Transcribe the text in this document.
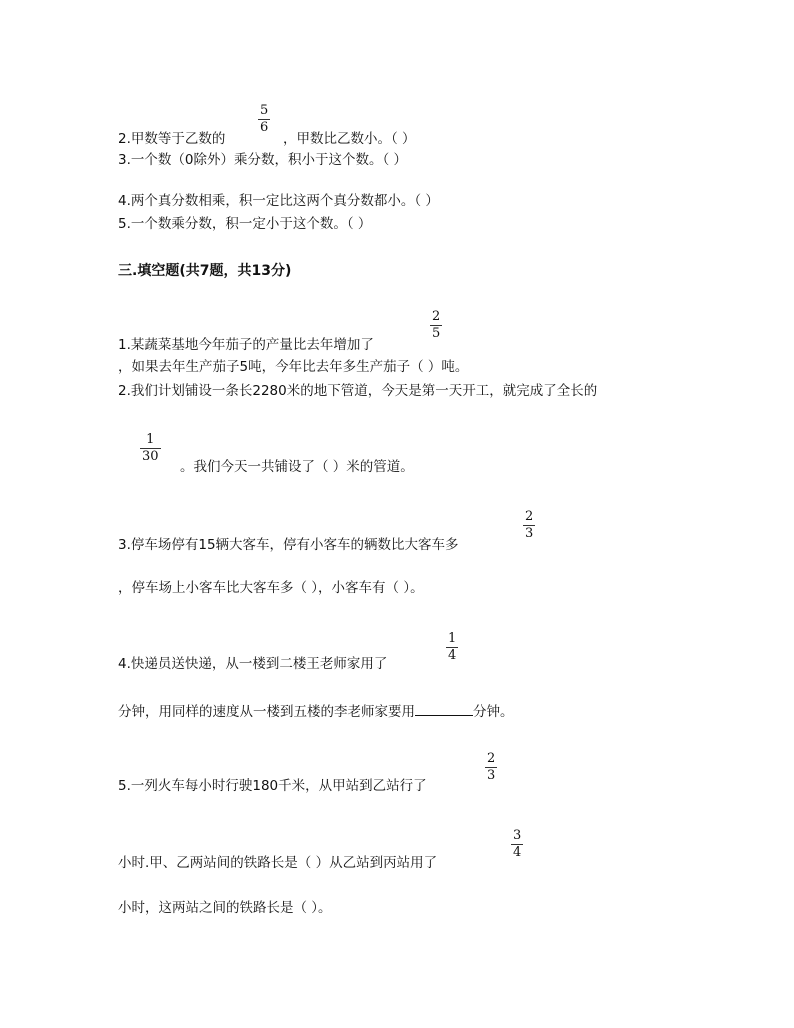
5
6
2.甲数等于乙数的	，甲数比乙数小。（ ）
3.一个数（0除外）乘分数，积小于这个数。（ ）
4.两个真分数相乘，积一定比这两个真分数都小。（ ）
5.一个数乘分数，积一定小于这个数。（ ）
三.填空题(共7题，共13分)
2
5
1.某蔬菜基地今年茄子的产量比去年增加了
，如果去年生产茄子5吨，今年比去年多生产茄子（ ）吨。
2.我们计划铺设一条长2280米的地下管道，今天是第一天开工，就完成了全长的
1
30
。我们今天一共铺设了（ ）米的管道。
2
3
3.停车场停有15辆大客车，停有小客车的辆数比大客车多
，停车场上小客车比大客车多（ ），小客车有（ ）。
1
4
4.快递员送快递，从一楼到二楼王老师家用了
分钟，用同样的速度从一楼到五楼的李老师家要用	分钟。
2
3
5.一列火车每小时行驶180千米，从甲站到乙站行了
3
4
小时.甲、乙两站间的铁路长是（ ）从乙站到丙站用了
小时，这两站之间的铁路长是（ ）。
